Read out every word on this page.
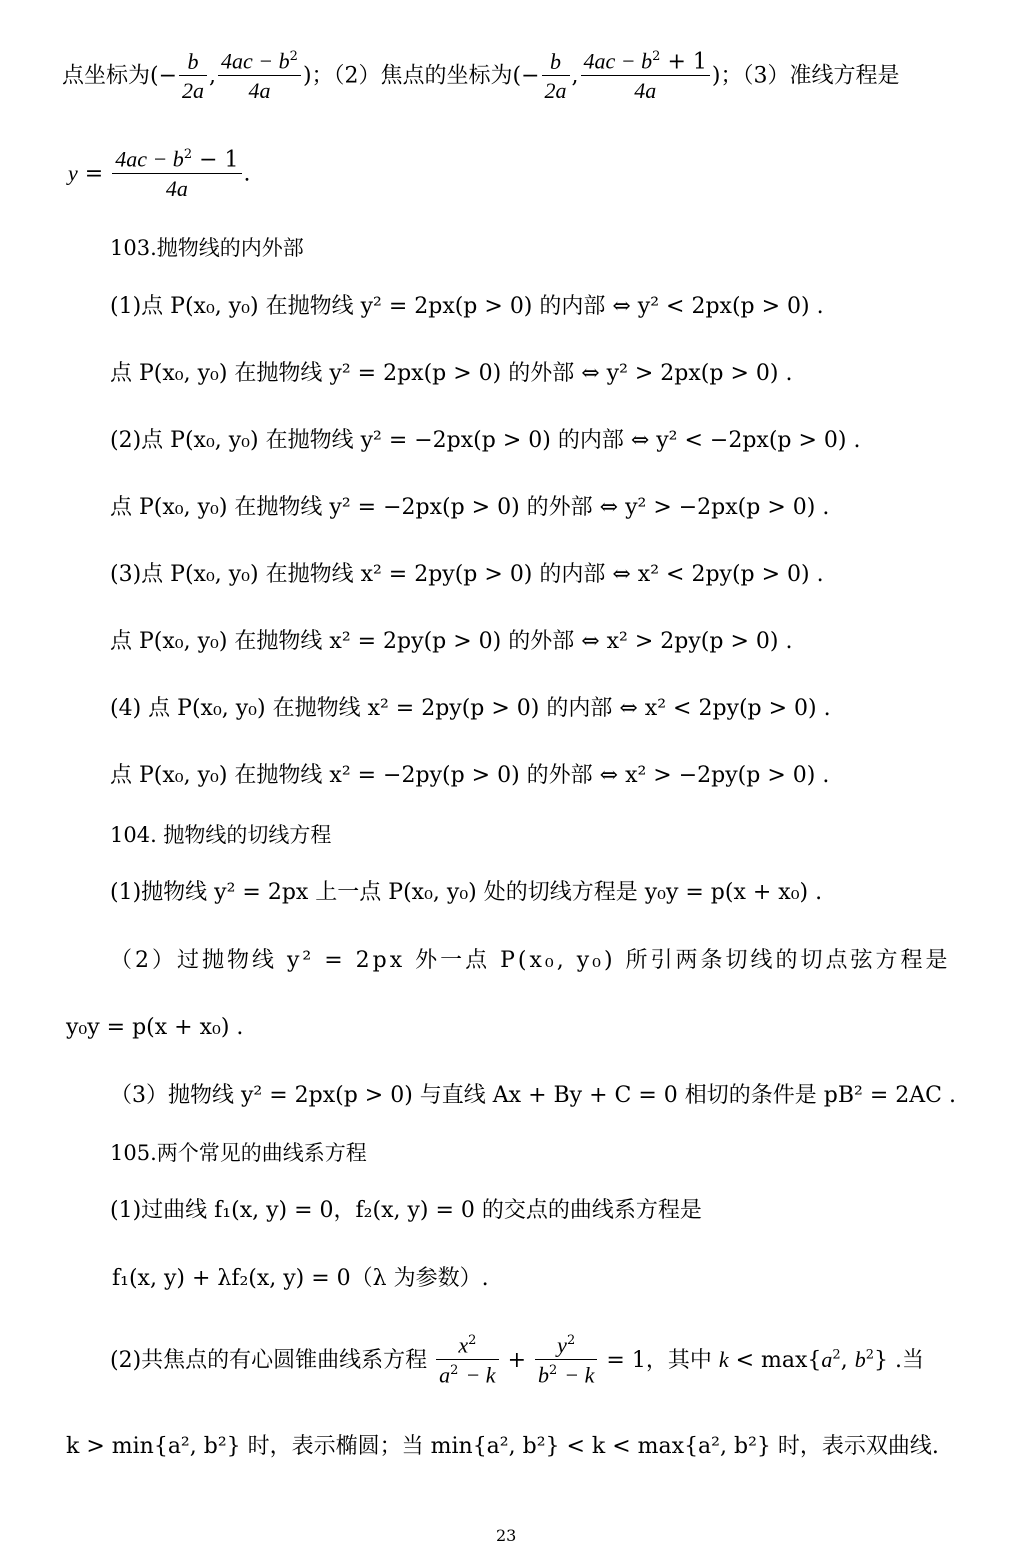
点坐标为(− $\frac{b}{2a}$ , $\frac{4ac - b^2}{4a}$ )；（2）焦点的坐标为(− $\frac{b}{2a}$ , $\frac{4ac - b^2 + 1}{4a}$ )；（3）准线方程是
$y = \frac{4ac - b^2 - 1}{4a}$ .
103.抛物线的内外部
(1)点 P(x₀, y₀) 在抛物线 y² = 2px(p > 0) 的内部 ⇔ y² < 2px(p > 0) .
点 P(x₀, y₀) 在抛物线 y² = 2px(p > 0) 的外部 ⇔ y² > 2px(p > 0) .
(2)点 P(x₀, y₀) 在抛物线 y² = −2px(p > 0) 的内部 ⇔ y² < −2px(p > 0) .
点 P(x₀, y₀) 在抛物线 y² = −2px(p > 0) 的外部 ⇔ y² > −2px(p > 0) .
(3)点 P(x₀, y₀) 在抛物线 x² = 2py(p > 0) 的内部 ⇔ x² < 2py(p > 0) .
点 P(x₀, y₀) 在抛物线 x² = 2py(p > 0) 的外部 ⇔ x² > 2py(p > 0) .
(4) 点 P(x₀, y₀) 在抛物线 x² = 2py(p > 0) 的内部 ⇔ x² < 2py(p > 0) .
点 P(x₀, y₀) 在抛物线 x² = −2py(p > 0) 的外部 ⇔ x² > −2py(p > 0) .
104. 抛物线的切线方程
(1)抛物线 y² = 2px 上一点 P(x₀, y₀) 处的切线方程是 y₀y = p(x + x₀) .
（2）过抛物线 y² = 2px 外一点 P(x₀, y₀) 所引两条切线的切点弦方程是
y₀y = p(x + x₀) .
（3）抛物线 y² = 2px(p > 0) 与直线 Ax + By + C = 0 相切的条件是 pB² = 2AC .
105.两个常见的曲线系方程
(1)过曲线 f₁(x, y) = 0，f₂(x, y) = 0 的交点的曲线系方程是
f₁(x, y) + λf₂(x, y) = 0（λ 为参数）.
(2)共焦点的有心圆锥曲线系方程 $\frac{x^2}{a^2 - k} + \frac{y^2}{b^2 - k} = 1$，其中 $k < \max\{a^2$, $b^2$} .当
k > min{a², b²} 时，表示椭圆；当 min{a², b²} < k < max{a², b²} 时，表示双曲线.
23
